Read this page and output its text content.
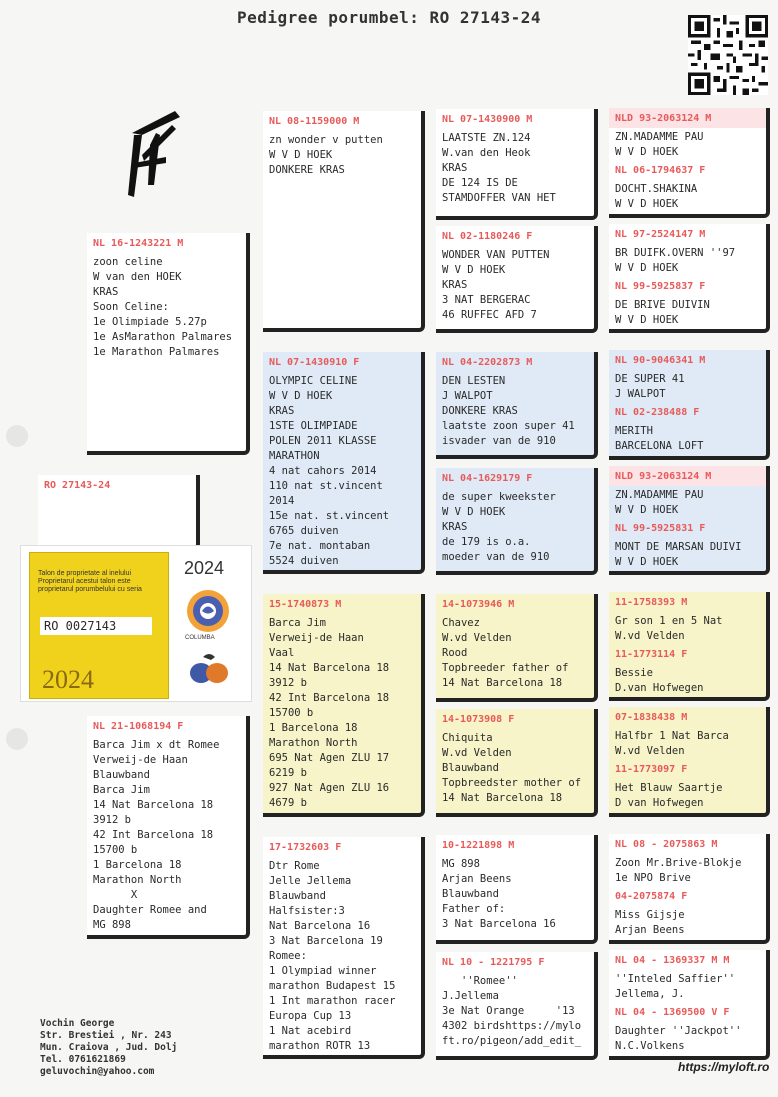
Pedigree porumbel: RO 27143-24
RO 27143-24
Talon de proprietate al inelului
Proprietarul acestui talon este
proprietarul porumbelului cu seria
RO 0027143
2024
2024
COLUMBA
NL 16-1243221 M
zoon celine
W van den HOEK
KRAS
Soon Celine:
1e Olimpiade 5.27p
1e AsMarathon Palmares
1e Marathon Palmares
NL 21-1068194 F
Barca Jim x dt Romee
Verweij-de Haan
Blauwband
Barca Jim
14 Nat Barcelona 18
3912 b
42 Int Barcelona 18
15700 b
1 Barcelona 18
Marathon North
X
Daughter Romee and
MG 898
NL 08-1159000 M
zn wonder v putten
W V D HOEK
DONKERE KRAS
NL 07-1430910 F
OLYMPIC CELINE
W V D HOEK
KRAS
1STE OLIMPIADE
POLEN 2011 KLASSE
MARATHON
4 nat cahors 2014
110 nat st.vincent
2014
15e nat. st.vincent
6765 duiven
7e nat. montaban
5524 duiven
15-1740873 M
Barca Jim
Verweij-de Haan
Vaal
14 Nat Barcelona 18
3912 b
42 Int Barcelona 18
15700 b
1 Barcelona 18
Marathon North
695 Nat Agen ZLU 17
6219 b
927 Nat Agen ZLU 16
4679 b
17-1732603 F
Dtr Rome
Jelle Jellema
Blauwband
Halfsister:3
Nat Barcelona 16
3 Nat Barcelona 19
Romee:
1 Olympiad winner
marathon Budapest 15
1 Int marathon racer
Europa Cup 13
1 Nat acebird
marathon ROTR 13
NL 07-1430900 M
LAATSTE ZN.124
W.van den Heok
KRAS
DE 124 IS DE
STAMDOFFER VAN HET
NL 02-1180246 F
WONDER VAN PUTTEN
W V D HOEK
KRAS
3 NAT BERGERAC
46 RUFFEC AFD 7
NL 04-2202873 M
DEN LESTEN
J WALPOT
DONKERE KRAS
laatste zoon super 41
isvader van de 910
NL 04-1629179 F
de super kweekster
W V D HOEK
KRAS
de 179 is o.a.
moeder van de 910
14-1073946 M
Chavez
W.vd Velden
Rood
Topbreeder father of
14 Nat Barcelona 18
14-1073908 F
Chiquita
W.vd Velden
Blauwband
Topbreedster mother of
14 Nat Barcelona 18
10-1221898 M
MG 898
Arjan Beens
Blauwband
Father of:
3 Nat Barcelona 16
NL 10 - 1221795 F
''Romee''
J.Jellema
3e Nat Orange     '13
4302 birdshttps://mylo
ft.ro/pigeon/add_edit_
NLD 93-2063124 M
ZN.MADAMME PAU
W V D HOEK
NL 06-1794637 F
DOCHT.SHAKINA
W V D HOEK
NL 97-2524147 M
BR DUIFK.OVERN ''97
W V D HOEK
NL 99-5925837 F
DE BRIVE DUIVIN
W V D HOEK
NL 90-9046341 M
DE SUPER 41
J WALPOT
NL 02-238488 F
MERITH
BARCELONA LOFT
NLD 93-2063124 M
ZN.MADAMME PAU
W V D HOEK
NL 99-5925831 F
MONT DE MARSAN DUIVI
W V D HOEK
11-1758393 M
Gr son 1 en 5 Nat
W.vd Velden
11-1773114 F
Bessie
D.van Hofwegen
07-1838438 M
Halfbr 1 Nat Barca
W.vd Velden
11-1773097 F
Het Blauw Saartje
D van Hofwegen
NL 08 - 2075863 M
Zoon Mr.Brive-Blokje
1e NPO Brive
04-2075874 F
Miss Gijsje
Arjan Beens
NL 04 - 1369337 M M
''Inteled Saffier''
Jellema, J.
NL 04 - 1369500 V F
Daughter ''Jackpot''
N.C.Volkens
Vochin George
Str. Brestiei , Nr. 243
Mun. Craiova , Jud. Dolj
Tel. 0761621869
geluvochin@yahoo.com	https://myloft.ro
